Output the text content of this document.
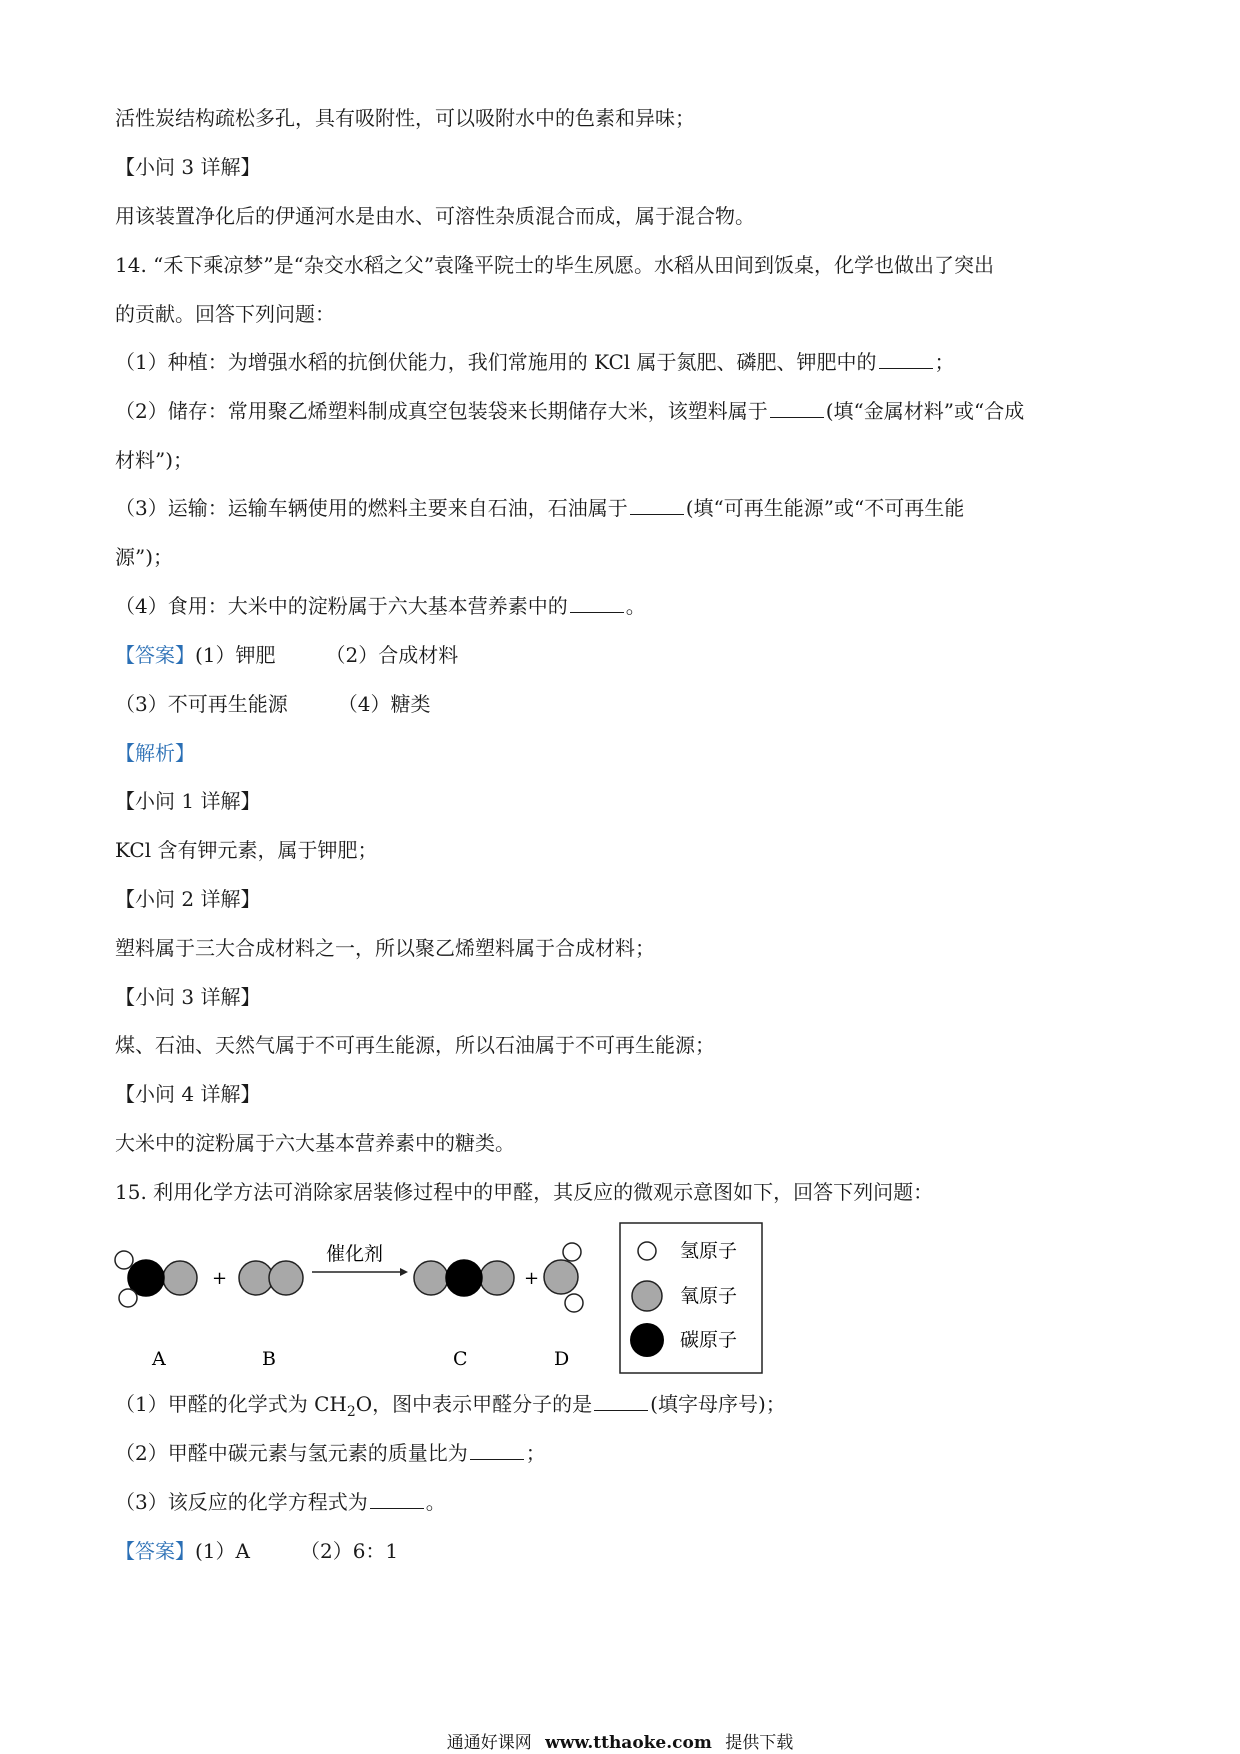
活性炭结构疏松多孔，具有吸附性，可以吸附水中的色素和异味；
【小问 3 详解】
用该装置净化后的伊通河水是由水、可溶性杂质混合而成，属于混合物。
14. “禾下乘凉梦”是“杂交水稻之父”袁隆平院士的毕生夙愿。水稻从田间到饭桌，化学也做出了突出
的贡献。回答下列问题：
（1）种植：为增强水稻的抗倒伏能力，我们常施用的 KCl 属于氮肥、磷肥、钾肥中的	；
（2）储存：常用聚乙烯塑料制成真空包装袋来长期储存大米，该塑料属于	(填“金属材料”或“合成
材料”)；
（3）运输：运输车辆使用的燃料主要来自石油，石油属于	(填“可再生能源”或“不可再生能
源”)；
（4）食用：大米中的淀粉属于六大基本营养素中的	。
【答案】(1）钾肥	（2）合成材料
（3）不可再生能源	（4）糖类
【解析】
【小问 1 详解】
KCl 含有钾元素，属于钾肥；
【小问 2 详解】
塑料属于三大合成材料之一，所以聚乙烯塑料属于合成材料；
【小问 3 详解】
煤、石油、天然气属于不可再生能源，所以石油属于不可再生能源；
【小问 4 详解】
大米中的淀粉属于六大基本营养素中的糖类。
15. 利用化学方法可消除家居装修过程中的甲醛，其反应的微观示意图如下，回答下列问题：
+
催化剂
+
A	B	C	D
氢原子
氧原子
碳原子
（1）甲醛的化学式为 $CH_2O$，图中表示甲醛分子的是	(填字母序号)；
（2）甲醛中碳元素与氢元素的质量比为	；
（3）该反应的化学方程式为	。
【答案】(1）A	（2）6：1
通通好课网 www.tthaoke.com 提供下载
